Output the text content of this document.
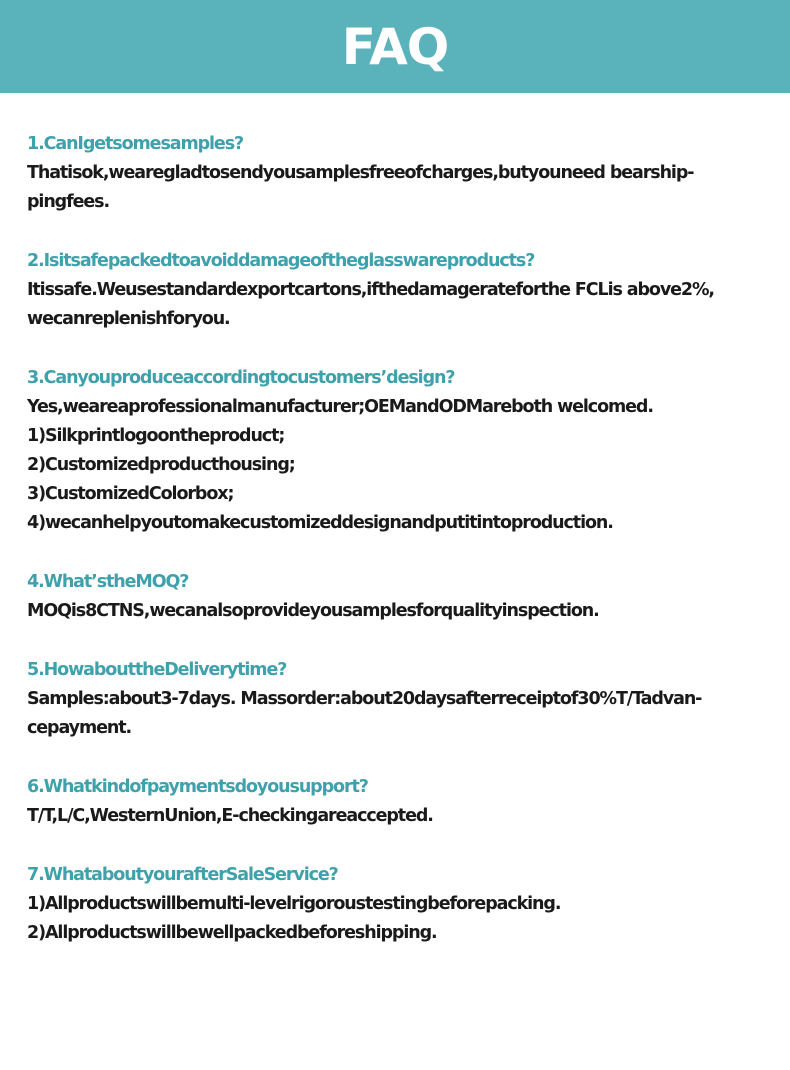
FAQ

1.CanIgetsomesamples?

Thatisok,wearegladtosendyousamplesfreeofcharges,butyouneed bearship-

pingfees.

2.Isitsafepackedtoavoiddamageoftheglasswareproducts?

Itissafe.Weusestandardexportcartons,ifthedamagerateforthe FCLis above2%,

wecanreplenishforyou.

3.Canyouproduceaccordingtocustomers’design?

Yes,weareaprofessionalmanufacturer;OEMandODMareboth welcomed.

1)Silkprintlogoontheproduct;

2)Customizedproducthousing;

3)CustomizedColorbox;

4)wecanhelpyoutomakecustomizeddesignandputitintoproduction.

4.What’stheMOQ?

MOQis8CTNS,wecanalsoprovideyousamplesforqualityinspection.

5.HowabouttheDeliverytime?

Samples:about3-7days. Massorder:about20daysafterreceiptof30%T/Tadvan-

cepayment.

6.Whatkindofpaymentsdoyousupport?

T/T,L/C,WesternUnion,E-checkingareaccepted.

7.WhataboutyourafterSaleService?

1)Allproductswillbemulti-levelrigoroustestingbeforepacking.

2)Allproductswillbewellpackedbeforeshipping.
